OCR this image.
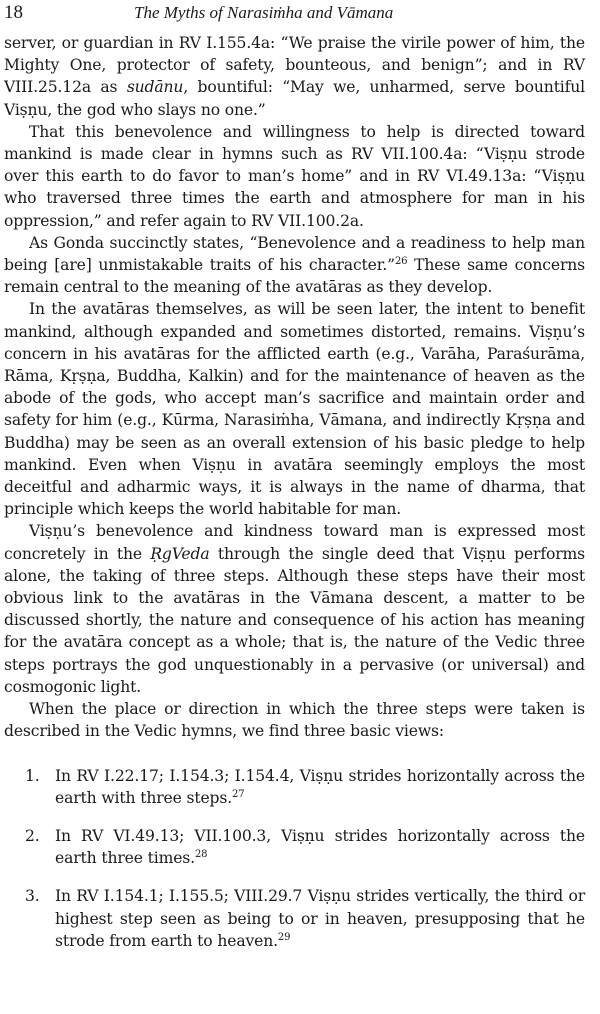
18	The Myths of Narasiṁha and Vāmana

server, or guardian in RV I.155.4a: “We praise the virile power of him, the Mighty One, protector of safety, bounteous, and benign”; and in RV VIII.25.12a as sudānu, bountiful: “May we, unharmed, serve bountiful Viṣṇu, the god who slays no one.”

That this benevolence and willingness to help is directed toward mankind is made clear in hymns such as RV VII.100.4a: “Viṣṇu strode over this earth to do favor to man’s home” and in RV VI.49.13a: “Viṣṇu who traversed three times the earth and atmosphere for man in his oppression,” and refer again to RV VII.100.2a.

As Gonda succinctly states, “Benevolence and a readiness to help man being [are] unmistakable traits of his character.”$^{26}$ These same concerns remain central to the meaning of the avatāras as they develop.

In the avatāras themselves, as will be seen later, the intent to benefit mankind, although expanded and sometimes distorted, remains. Viṣṇu’s concern in his avatāras for the afflicted earth (e.g., Varāha, Paraśurāma, Rāma, Kṛṣṇa, Buddha, Kalkin) and for the maintenance of heaven as the abode of the gods, who accept man’s sacrifice and maintain order and safety for him (e.g., Kūrma, Narasiṁha, Vāmana, and indirectly Kṛṣṇa and Buddha) may be seen as an overall extension of his basic pledge to help mankind. Even when Viṣṇu in avatāra seemingly employs the most deceitful and adharmic ways, it is always in the name of dharma, that principle which keeps the world habitable for man.

Viṣṇu’s benevolence and kindness toward man is expressed most concretely in the ṚgVeda through the single deed that Viṣṇu performs alone, the taking of three steps. Although these steps have their most obvious link to the avatāras in the Vāmana descent, a matter to be discussed shortly, the nature and consequence of his action has meaning for the avatāra concept as a whole; that is, the nature of the Vedic three steps portrays the god unquestionably in a pervasive (or universal) and cosmogonic light.

When the place or direction in which the three steps were taken is described in the Vedic hymns, we find three basic views:

1. In RV I.22.17; I.154.3; I.154.4, Viṣṇu strides horizontally across the earth with three steps.$^{27}$
2. In RV VI.49.13; VII.100.3, Viṣṇu strides horizontally across the earth three times.$^{28}$
3. In RV I.154.1; I.155.5; VIII.29.7 Viṣṇu strides vertically, the third or highest step seen as being to or in heaven, presupposing that he strode from earth to heaven.$^{29}$
